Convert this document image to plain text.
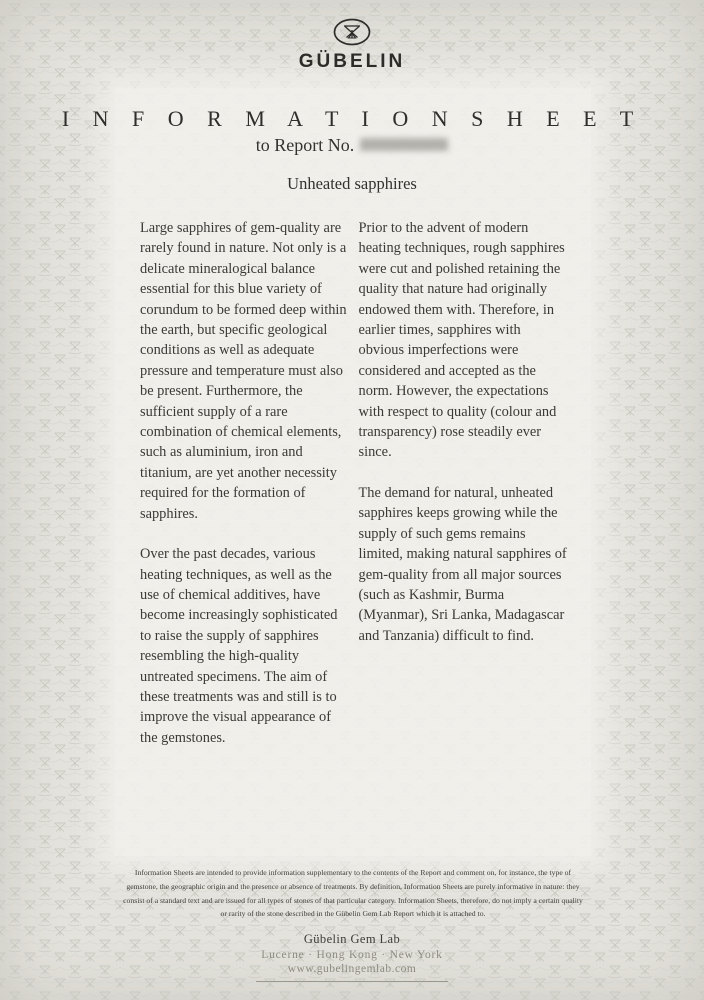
GÜBELIN
I N F O R M A T I O N S H E E T
to Report No.
Unheated sapphires

Large sapphires of gem-quality are rarely found in nature. Not only is a delicate mineralogical balance essential for this blue variety of corundum to be formed deep within the earth, but specific geological conditions as well as adequate pressure and temperature must also be present. Furthermore, the sufficient supply of a rare combination of chemical elements, such as aluminium, iron and titanium, are yet another necessity required for the formation of sapphires.

Over the past decades, various heating techniques, as well as the use of chemical additives, have become increasingly sophisticated to raise the supply of sapphires resembling the high-quality untreated specimens. The aim of these treatments was and still is to improve the visual appearance of the gemstones.

Prior to the advent of modern heating techniques, rough sapphires were cut and polished retaining the quality that nature had originally endowed them with. Therefore, in earlier times, sapphires with obvious imperfections were considered and accepted as the norm. However, the expectations with respect to quality (colour and transparency) rose steadily ever since.

The demand for natural, unheated sapphires keeps growing while the supply of such gems remains limited, making natural sapphires of gem-quality from all major sources (such as Kashmir, Burma (Myanmar), Sri Lanka, Madagascar and Tanzania) difficult to find.

Information Sheets are intended to provide information supplementary to the contents of the Report and comment on, for instance, the type of gemstone, the geographic origin and the presence or absence of treatments. By definition, Information Sheets are purely informative in nature: they consist of a standard text and are issued for all types of stones of that particular category. Information Sheets, therefore, do not imply a certain quality or rarity of the stone described in the Gübelin Gem Lab Report which it is attached to.
Gübelin Gem Lab
Lucerne · Hong Kong · New York
www.gubelingemlab.com
